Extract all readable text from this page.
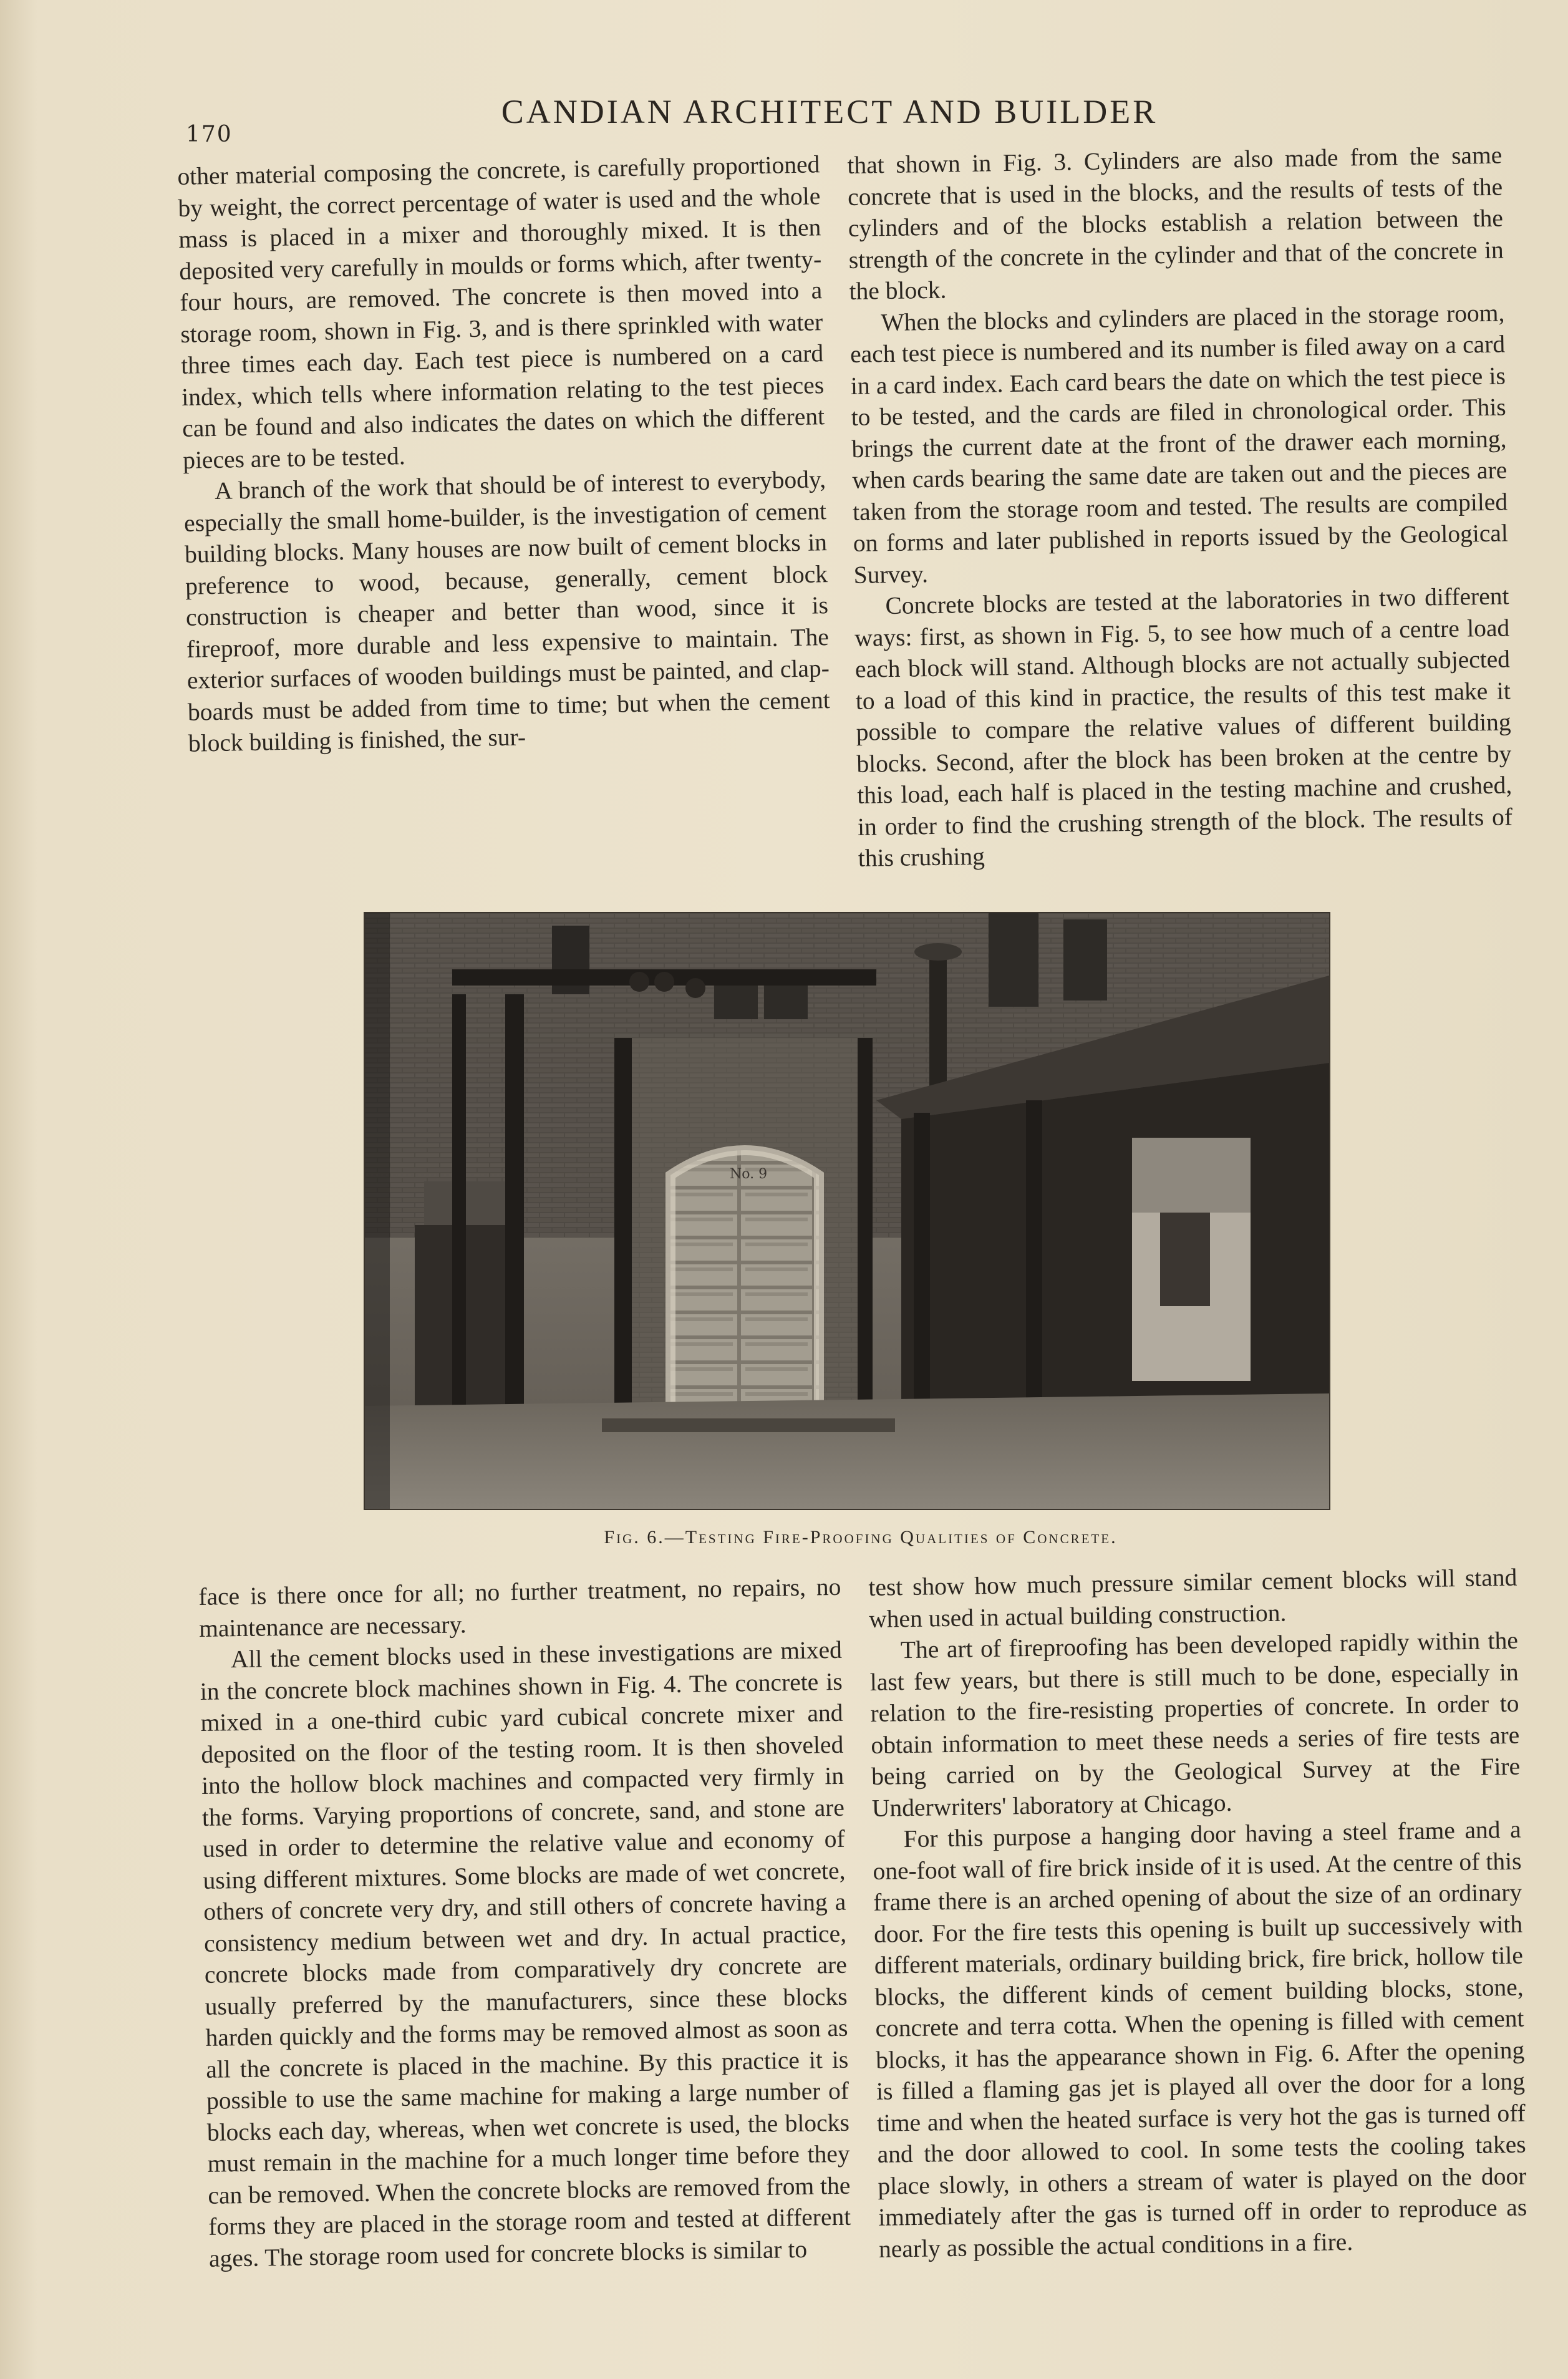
170
CANDIAN ARCHITECT AND BUILDER

other material composing the concrete, is carefully proportioned by weight, the correct percentage of water is used and the whole mass is placed in a mixer and thoroughly mixed. It is then deposited very carefully in moulds or forms which, after twenty-four hours, are removed. The concrete is then moved into a storage room, shown in Fig. 3, and is there sprinkled with water three times each day. Each test piece is numbered on a card index, which tells where information relating to the test pieces can be found and also indicates the dates on which the different pieces are to be tested.

A branch of the work that should be of interest to everybody, especially the small home-builder, is the investigation of cement building blocks. Many houses are now built of cement blocks in preference to wood, because, generally, cement block construction is cheaper and better than wood, since it is fireproof, more durable and less expensive to maintain. The exterior surfaces of wooden buildings must be painted, and clap-boards must be added from time to time; but when the cement block building is finished, the sur-

that shown in Fig. 3. Cylinders are also made from the same concrete that is used in the blocks, and the results of tests of the cylinders and of the blocks establish a relation between the strength of the concrete in the cylinder and that of the concrete in the block.

When the blocks and cylinders are placed in the storage room, each test piece is numbered and its number is filed away on a card in a card index. Each card bears the date on which the test piece is to be tested, and the cards are filed in chronological order. This brings the current date at the front of the drawer each morning, when cards bearing the same date are taken out and the pieces are taken from the storage room and tested. The results are compiled on forms and later published in reports issued by the Geological Survey.

Concrete blocks are tested at the laboratories in two different ways: first, as shown in Fig. 5, to see how much of a centre load each block will stand. Although blocks are not actually subjected to a load of this kind in practice, the results of this test make it possible to compare the relative values of different building blocks. Second, after the block has been broken at the centre by this load, each half is placed in the testing machine and crushed, in order to find the crushing strength of the block. The results of this crushing

No. 9
Fig. 6.—Testing Fire-Proofing Qualities of Concrete.

face is there once for all; no further treatment, no repairs, no maintenance are necessary.

All the cement blocks used in these investigations are mixed in the concrete block machines shown in Fig. 4. The concrete is mixed in a one-third cubic yard cubical concrete mixer and deposited on the floor of the testing room. It is then shoveled into the hollow block machines and compacted very firmly in the forms. Varying proportions of concrete, sand, and stone are used in order to determine the relative value and economy of using different mixtures. Some blocks are made of wet concrete, others of concrete very dry, and still others of concrete having a consistency medium between wet and dry. In actual practice, concrete blocks made from comparatively dry concrete are usually preferred by the manufacturers, since these blocks harden quickly and the forms may be removed almost as soon as all the concrete is placed in the machine. By this practice it is possible to use the same machine for making a large number of blocks each day, whereas, when wet concrete is used, the blocks must remain in the machine for a much longer time before they can be removed. When the concrete blocks are removed from the forms they are placed in the storage room and tested at different ages. The storage room used for concrete blocks is similar to

test show how much pressure similar cement blocks will stand when used in actual building construction.

The art of fireproofing has been developed rapidly within the last few years, but there is still much to be done, especially in relation to the fire-resisting properties of concrete. In order to obtain information to meet these needs a series of fire tests are being carried on by the Geological Survey at the Fire Underwriters' laboratory at Chicago.

For this purpose a hanging door having a steel frame and a one-foot wall of fire brick inside of it is used. At the centre of this frame there is an arched opening of about the size of an ordinary door. For the fire tests this opening is built up successively with different materials, ordinary building brick, fire brick, hollow tile blocks, the different kinds of cement building blocks, stone, concrete and terra cotta. When the opening is filled with cement blocks, it has the appearance shown in Fig. 6. After the opening is filled a flaming gas jet is played all over the door for a long time and when the heated surface is very hot the gas is turned off and the door allowed to cool. In some tests the cooling takes place slowly, in others a stream of water is played on the door immediately after the gas is turned off in order to reproduce as nearly as possible the actual conditions in a fire.
